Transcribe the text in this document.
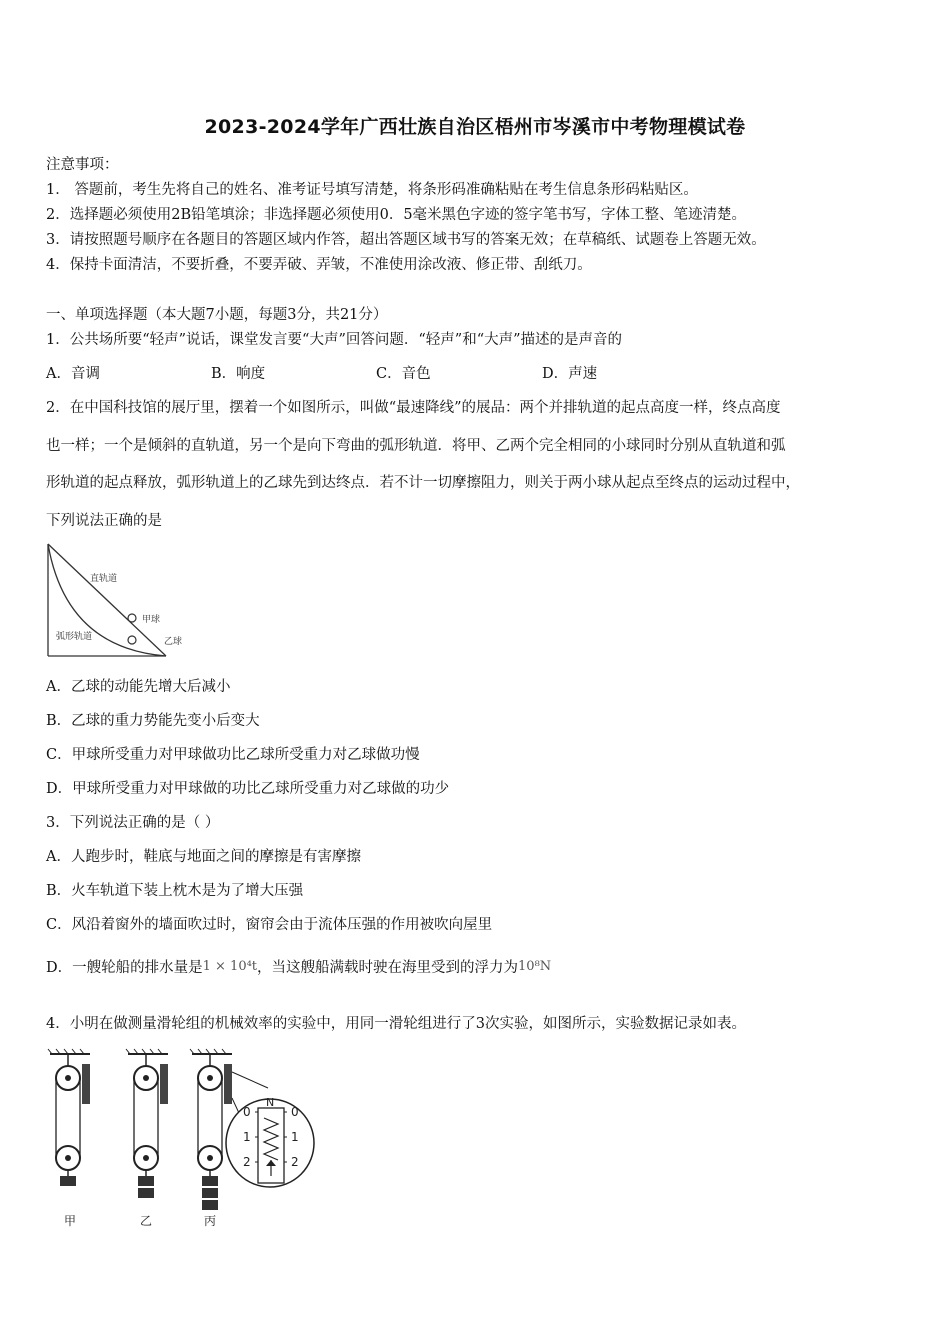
2023-2024学年广西壮族自治区梧州市岑溪市中考物理模试卷
注意事项：
1． 答题前，考生先将自己的姓名、准考证号填写清楚，将条形码准确粘贴在考生信息条形码粘贴区。
2．选择题必须使用2B铅笔填涂；非选择题必须使用0．5毫米黑色字迹的签字笔书写，字体工整、笔迹清楚。
3．请按照题号顺序在各题目的答题区域内作答，超出答题区域书写的答案无效；在草稿纸、试题卷上答题无效。
4．保持卡面清洁，不要折叠，不要弄破、弄皱，不准使用涂改液、修正带、刮纸刀。
一、单项选择题（本大题7小题，每题3分，共21分）
1．公共场所要“轻声”说话，课堂发言要“大声”回答问题．“轻声”和“大声”描述的是声音的
A．音调	B．响度	C．音色	D．声速
2．在中国科技馆的展厅里，摆着一个如图所示，叫做“最速降线”的展品：两个并排轨道的起点高度一样，终点高度
也一样；一个是倾斜的直轨道，另一个是向下弯曲的弧形轨道．将甲、乙两个完全相同的小球同时分别从直轨道和弧
形轨道的起点释放，弧形轨道上的乙球先到达终点．若不计一切摩擦阻力，则关于两小球从起点至终点的运动过程中，
下列说法正确的是
直轨道
甲球
弧形轨道	乙球
A．乙球的动能先增大后减小
B．乙球的重力势能先变小后变大
C．甲球所受重力对甲球做功比乙球所受重力对乙球做功慢
D．甲球所受重力对甲球做的功比乙球所受重力对乙球做的功少
3．下列说法正确的是（ ）
A．人跑步时，鞋底与地面之间的摩擦是有害摩擦
B．火车轨道下装上枕木是为了增大压强
C．风沿着窗外的墙面吹过时，窗帘会由于流体压强的作用被吹向屋里
D．一艘轮船的排水量是1 × 10⁴t，当这艘船满载时驶在海里受到的浮力为10⁸N
4．小明在做测量滑轮组的机械效率的实验中，用同一滑轮组进行了3次实验，如图所示，实验数据记录如表。
N
0
1
2
0
1
2
甲	乙	丙
